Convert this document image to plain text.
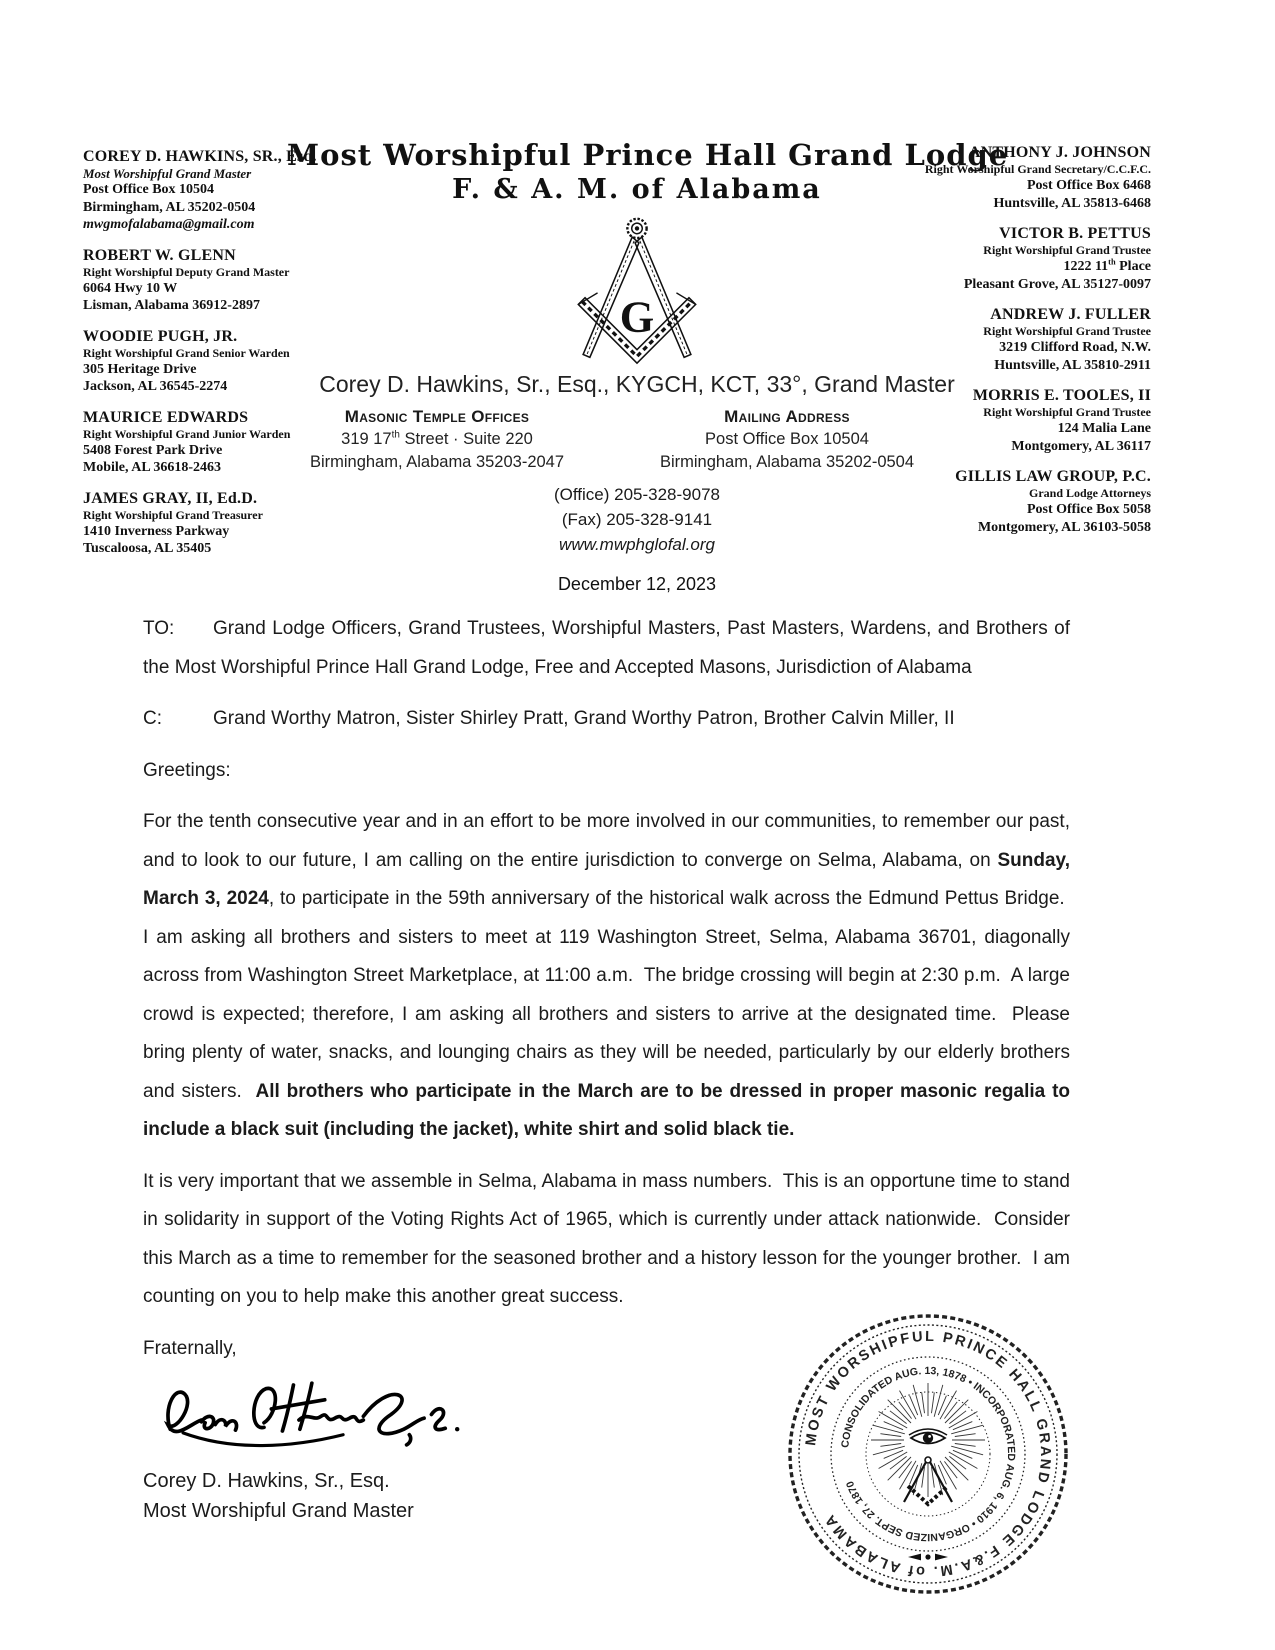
COREY D. HAWKINS, SR., Esq.
Most Worshipful Grand Master
Post Office Box 10504
Birmingham, AL 35202-0504
mwgmofalabama@gmail.com
ROBERT W. GLENN
Right Worshipful Deputy Grand Master
6064 Hwy 10 W
Lisman, Alabama 36912-2897
WOODIE PUGH, JR.
Right Worshipful Grand Senior Warden
305 Heritage Drive
Jackson, AL 36545-2274
MAURICE EDWARDS
Right Worshipful Grand Junior Warden
5408 Forest Park Drive
Mobile, AL 36618-2463
JAMES GRAY, II, Ed.D.
Right Worshipful Grand Treasurer
1410 Inverness Parkway
Tuscaloosa, AL 35405
ANTHONY J. JOHNSON
Right Worshipful Grand Secretary/C.C.F.C.
Post Office Box 6468
Huntsville, AL 35813-6468
VICTOR B. PETTUS
Right Worshipful Grand Trustee
1222 11th Place
Pleasant Grove, AL 35127-0097
ANDREW J. FULLER
Right Worshipful Grand Trustee
3219 Clifford Road, N.W.
Huntsville, AL 35810-2911
MORRIS E. TOOLES, II
Right Worshipful Grand Trustee
124 Malia Lane
Montgomery, AL 36117
GILLIS LAW GROUP, P.C.
Grand Lodge Attorneys
Post Office Box 5058
Montgomery, AL 36103-5058
Most Worshipful Prince Hall Grand Lodge
F. & A. M. of Alabama
G
Corey D. Hawkins, Sr., Esq., KYGCH, KCT, 33°, Grand Master
Masonic Temple Offices
319 17th Street · Suite 220
Birmingham, Alabama 35203-2047
Mailing Address
Post Office Box 10504
Birmingham, Alabama 35202-0504
(Office) 205-328-9078
(Fax) 205-328-9141
www.mwphglofal.org
December 12, 2023

TO: Grand Lodge Officers, Grand Trustees, Worshipful Masters, Past Masters, Wardens, and Brothers of the Most Worshipful Prince Hall Grand Lodge, Free and Accepted Masons, Jurisdiction of Alabama

C:	Grand Worthy Matron, Sister Shirley Pratt, Grand Worthy Patron, Brother Calvin Miller, II

Greetings:

For the tenth consecutive year and in an effort to be more involved in our communities, to remember our past, and to look to our future, I am calling on the entire jurisdiction to converge on Selma, Alabama, on Sunday, March 3, 2024, to participate in the 59th anniversary of the historical walk across the Edmund Pettus Bridge.  I am asking all brothers and sisters to meet at 119 Washington Street, Selma, Alabama 36701, diagonally across from Washington Street Marketplace, at 11:00 a.m.  The bridge crossing will begin at 2:30 p.m.  A large crowd is expected; therefore, I am asking all brothers and sisters to arrive at the designated time.  Please bring plenty of water, snacks, and lounging chairs as they will be needed, particularly by our elderly brothers and sisters.  All brothers who participate in the March are to be dressed in proper masonic regalia to include a black suit (including the jacket), white shirt and solid black tie.

It is very important that we assemble in Selma, Alabama in mass numbers.  This is an opportune time to stand in solidarity in support of the Voting Rights Act of 1965, which is currently under attack nationwide.  Consider this March as a time to remember for the seasoned brother and a history lesson for the younger brother.  I am counting on you to help make this another great success.

Fraternally,
Corey D. Hawkins, Sr., Esq.
Most Worshipful Grand Master
MOST WORSHIPFUL PRINCE HALL GRAND LODGE F.&A.M. of ALABAMA
CONSOLIDATED AUG. 13, 1878 • INCORPORATED AUG. 6, 1910 • ORGANIZED SEPT. 27, 1870
